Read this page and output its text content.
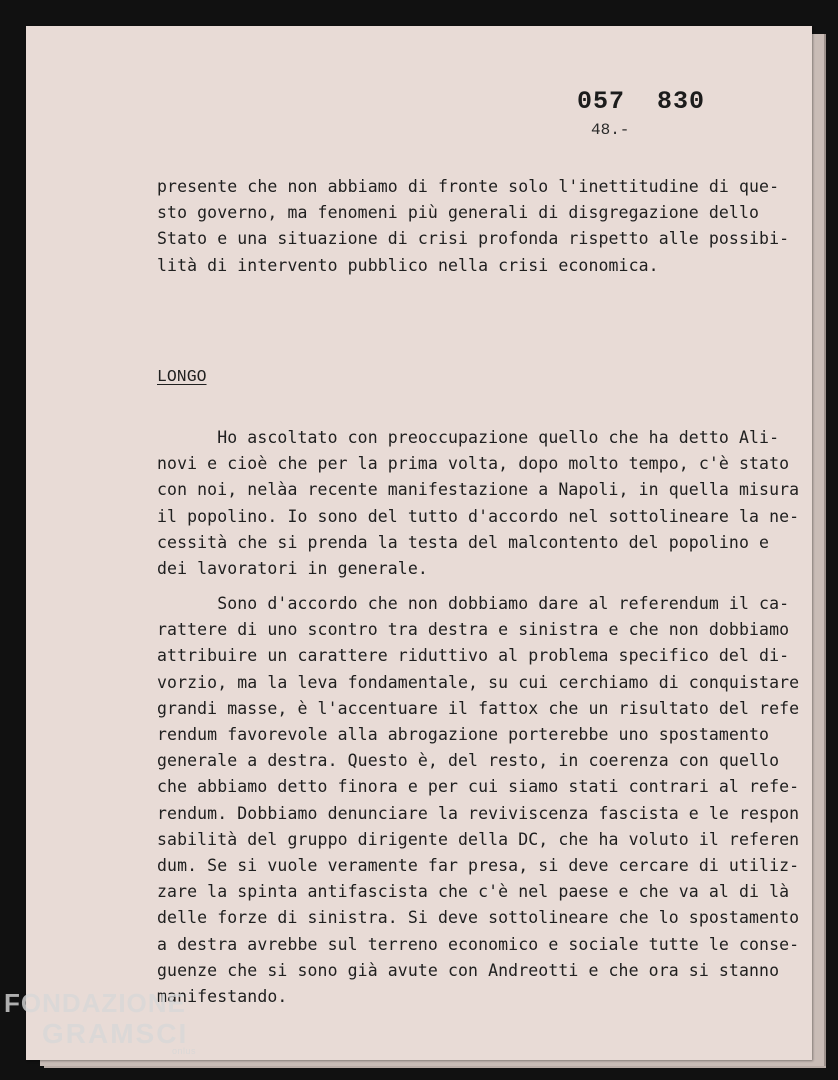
057  830
48.-
presente che non abbiamo di fronte solo l'inettitudine di que-
sto governo, ma fenomeni più generali di disgregazione dello
Stato e una situazione di crisi profonda rispetto alle possibi-
lità di intervento pubblico nella crisi economica.
LONGO
Ho ascoltato con preoccupazione quello che ha detto Ali-
novi e cioè che per la prima volta, dopo molto tempo, c'è stato
con noi, nelàa recente manifestazione a Napoli, in quella misura
il popolino. Io sono del tutto d'accordo nel sottolineare la ne-
cessità che si prenda la testa del malcontento del popolino e
dei lavoratori in generale.
Sono d'accordo che non dobbiamo dare al referendum il ca-
rattere di uno scontro tra destra e sinistra e che non dobbiamo
attribuire un carattere riduttivo al problema specifico del di-
vorzio, ma la leva fondamentale, su cui cerchiamo di conquistare
grandi masse, è l'accentuare il fattox che un risultato del refe
rendum favorevole alla abrogazione porterebbe uno spostamento
generale a destra. Questo è, del resto, in coerenza con quello
che abbiamo detto finora e per cui siamo stati contrari al refe-
rendum. Dobbiamo denunciare la reviviscenza fascista e le respon
sabilità del gruppo dirigente della DC, che ha voluto il referen
dum. Se si vuole veramente far presa, si deve cercare di utiliz-
zare la spinta antifascista che c'è nel paese e che va al di là
delle forze di sinistra. Si deve sottolineare che lo spostamento
a destra avrebbe sul terreno economico e sociale tutte le conse-
guenze che si sono già avute con Andreotti e che ora si stanno
manifestando.
FONDAZIONE
GRAMSCI
onlus
